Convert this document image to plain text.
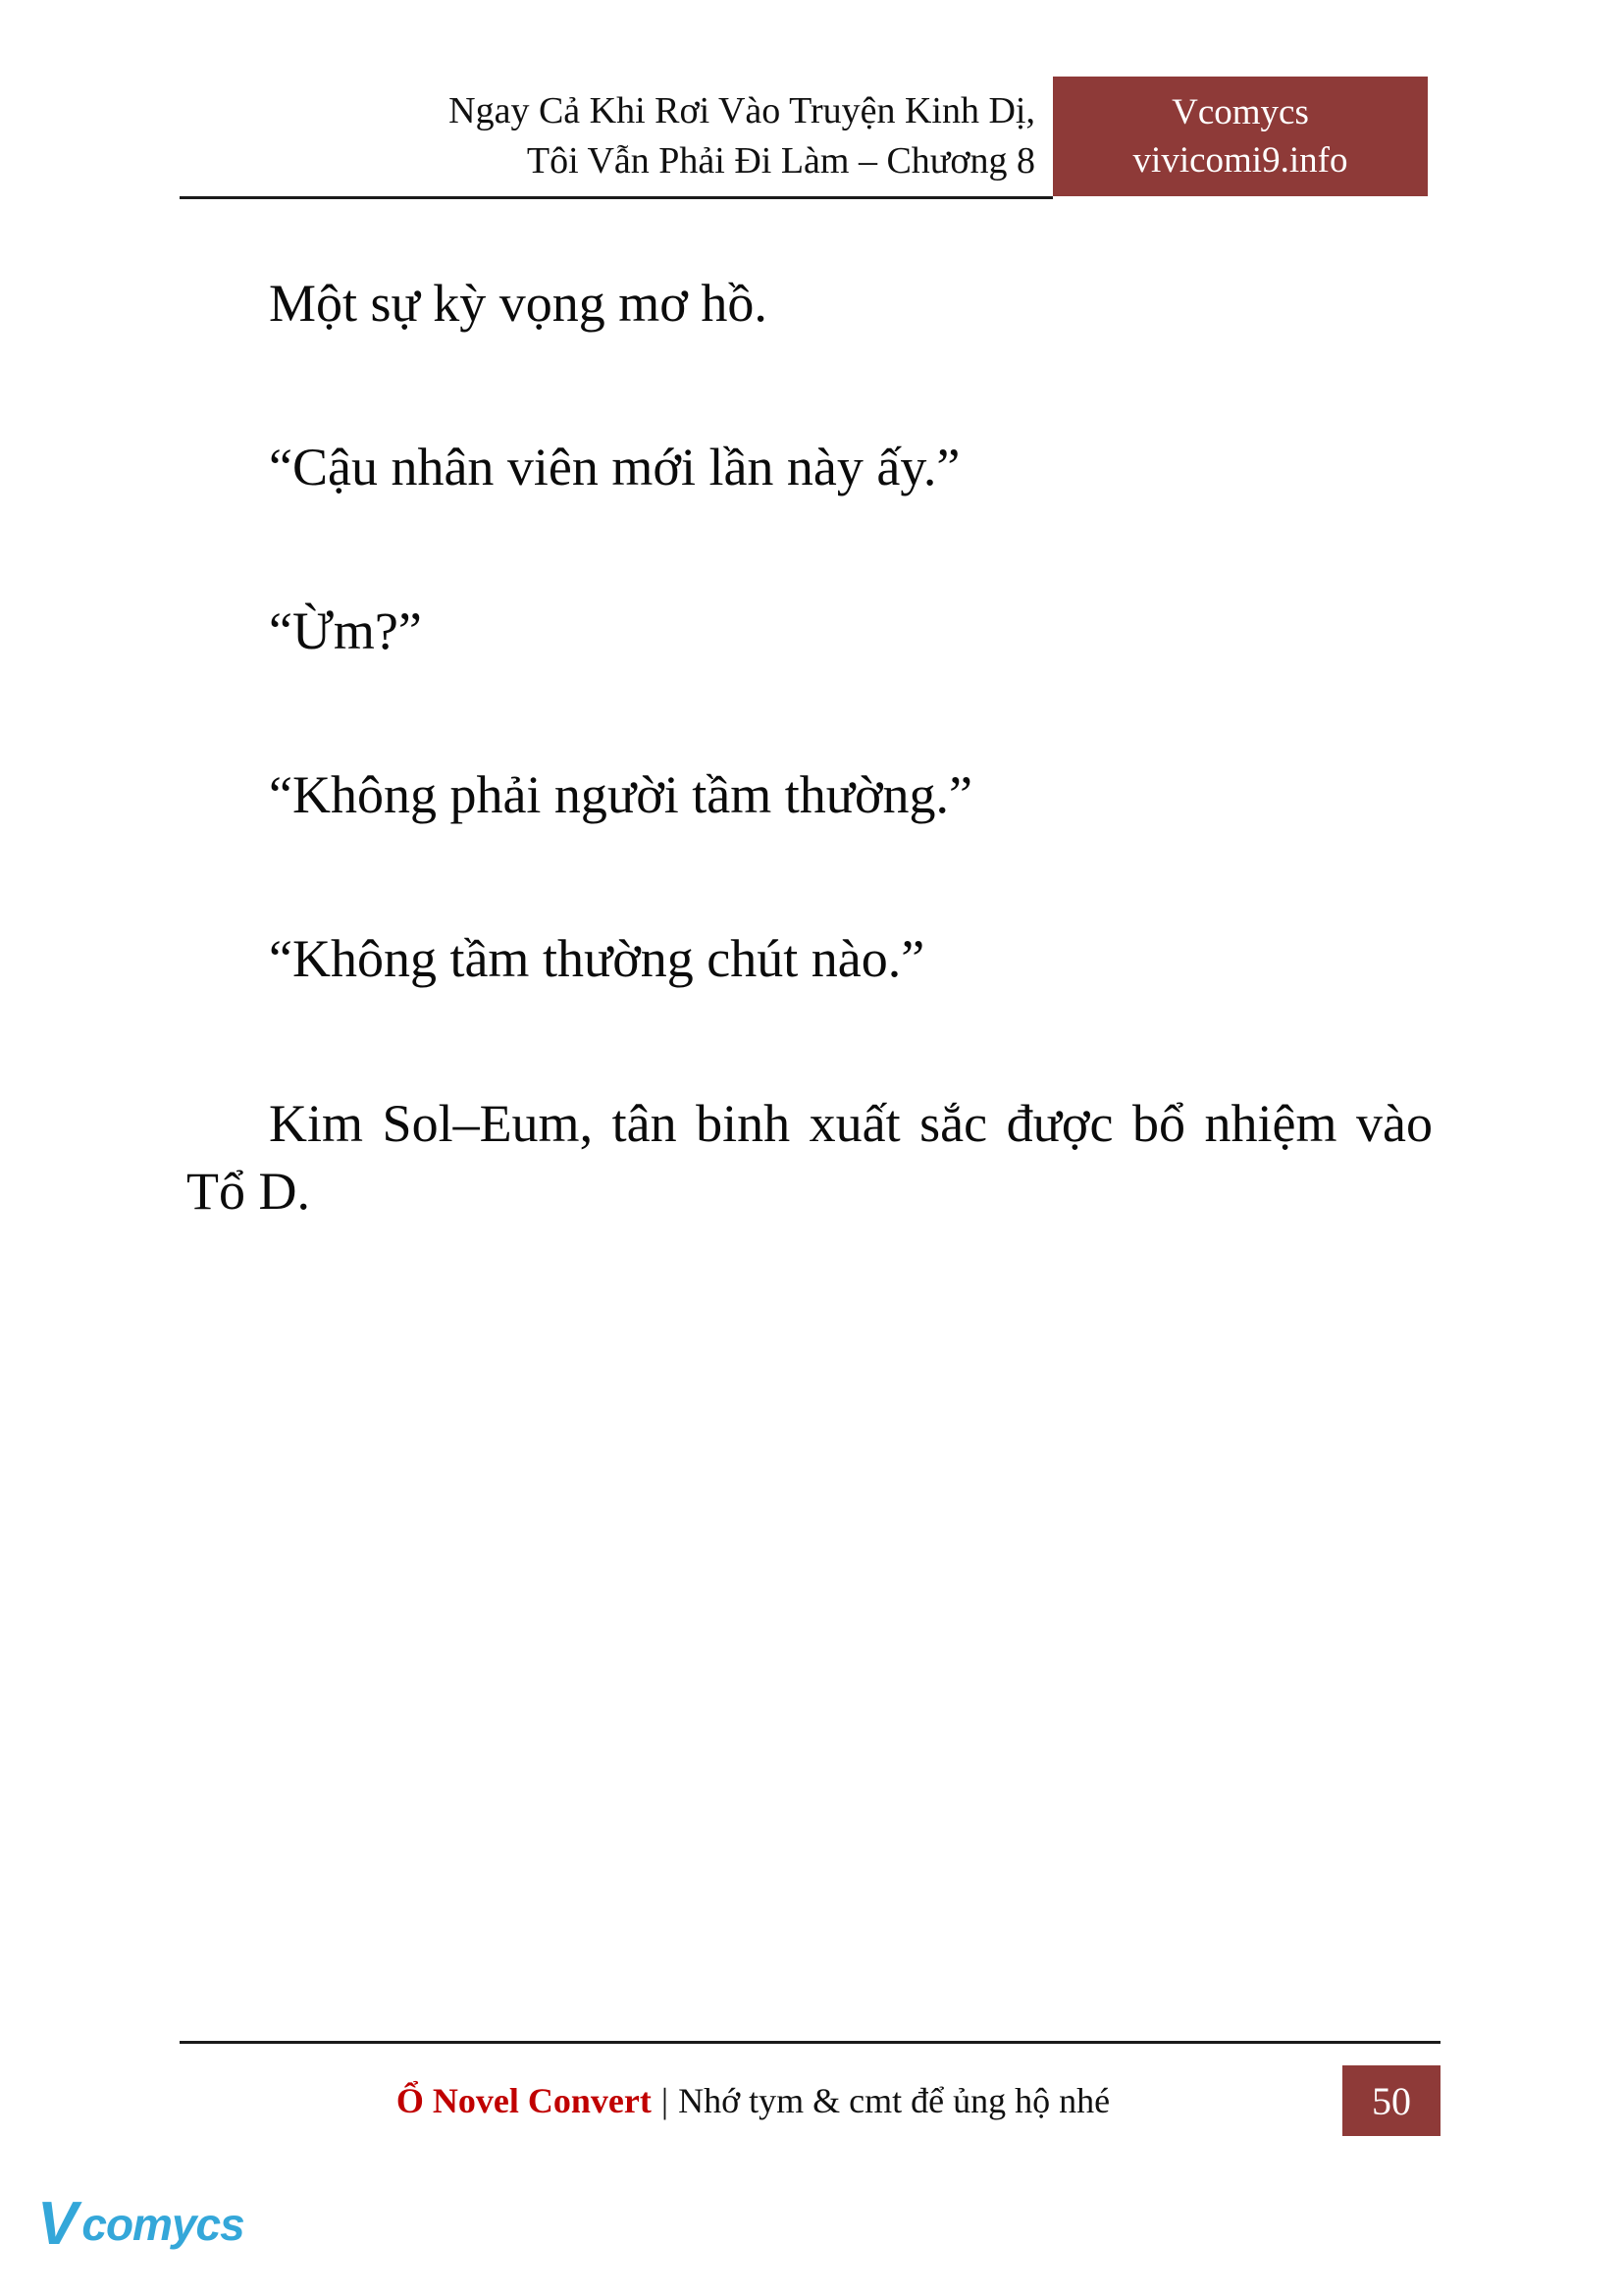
Ngay Cả Khi Rơi Vào Truyện Kinh Dị,
Tôi Vẫn Phải Đi Làm – Chương 8
Vcomycs
vivicomi9.info

Một sự kỳ vọng mơ hồ.

“Cậu nhân viên mới lần này ấy.”

“Ừm?”

“Không phải người tầm thường.”

“Không tầm thường chút nào.”

Kim Sol–Eum, tân binh xuất sắc được bổ nhiệm vào Tổ D.

Ổ Novel Convert | Nhớ tym & cmt để ủng hộ nhé	50
V comycs
